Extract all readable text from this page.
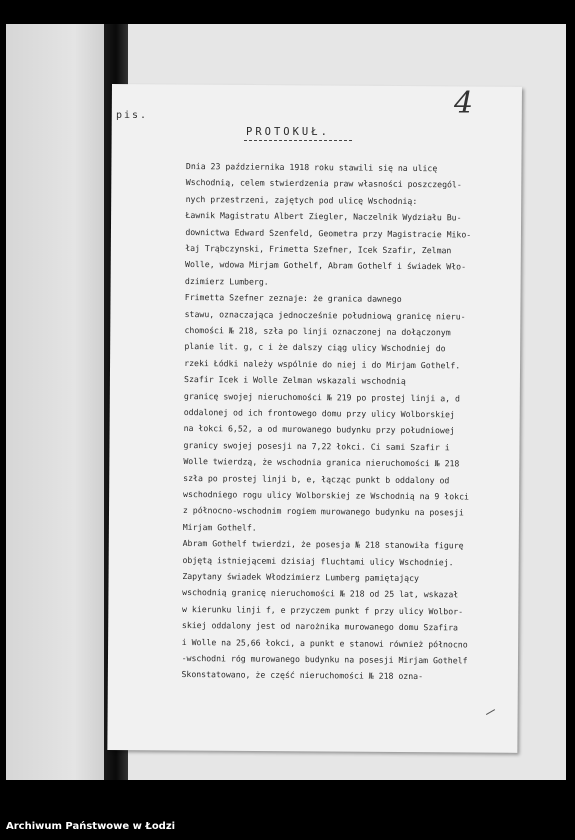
pis.	4
PROTOKUŁ.
Dnia 23 października 1918 roku stawili się na ulicę
Wschodnią, celem stwierdzenia praw własności poszczegól-
nych przestrzeni, zajętych pod ulicę Wschodnią:
Ławnik Magistratu Albert Ziegler, Naczelnik Wydziału Bu-
downictwa Edward Szenfeld, Geometra przy Magistracie Miko-
łaj Trąbczynski, Frimetta Szefner, Icek Szafir, Zelman
Wolle, wdowa Mirjam Gothelf, Abram Gothelf i świadek Wło-
dzimierz Lumberg.
Frimetta Szefner zeznaje: że granica dawnego
stawu, oznaczająca jednocześnie południową granicę nieru-
chomości № 218, szła po linji oznaczonej na dołączonym
planie lit. g, c i że dalszy ciąg ulicy Wschodniej do
rzeki Łódki należy wspólnie do niej i do Mirjam Gothelf.
Szafir Icek i Wolle Zelman wskazali wschodnią
granicę swojej nieruchomości № 219 po prostej linji a, d
oddalonej od ich frontowego domu przy ulicy Wolborskiej
na łokci 6,52, a od murowanego budynku przy południowej
granicy swojej posesji na 7,22 łokci. Ci sami Szafir i
Wolle twierdzą, że wschodnia granica nieruchomości № 218
szła po prostej linji b, e, łącząc punkt b oddalony od
wschodniego rogu ulicy Wolborskiej ze Wschodnią na 9 łokci
z północno-wschodnim rogiem murowanego budynku na posesji
Mirjam Gothelf.
Abram Gothelf twierdzi, że posesja № 218 stanowiła figurę
objętą istniejącemi dzisiaj fluchtami ulicy Wschodniej.
Zapytany świadek Włodzimierz Lumberg pamiętający
wschodnią granicę nieruchomości № 218 od 25 lat, wskazał
w kierunku linji f, e przyczem punkt f przy ulicy Wolbor-
skiej oddalony jest od narożnika murowanego domu Szafira
i Wolle na 25,66 łokci, a punkt e stanowi również północno
-wschodni róg murowanego budynku na posesji Mirjam Gothelf
Skonstatowano, że część nieruchomości № 218 ozna-
Archiwum Państwowe w Łodzi
